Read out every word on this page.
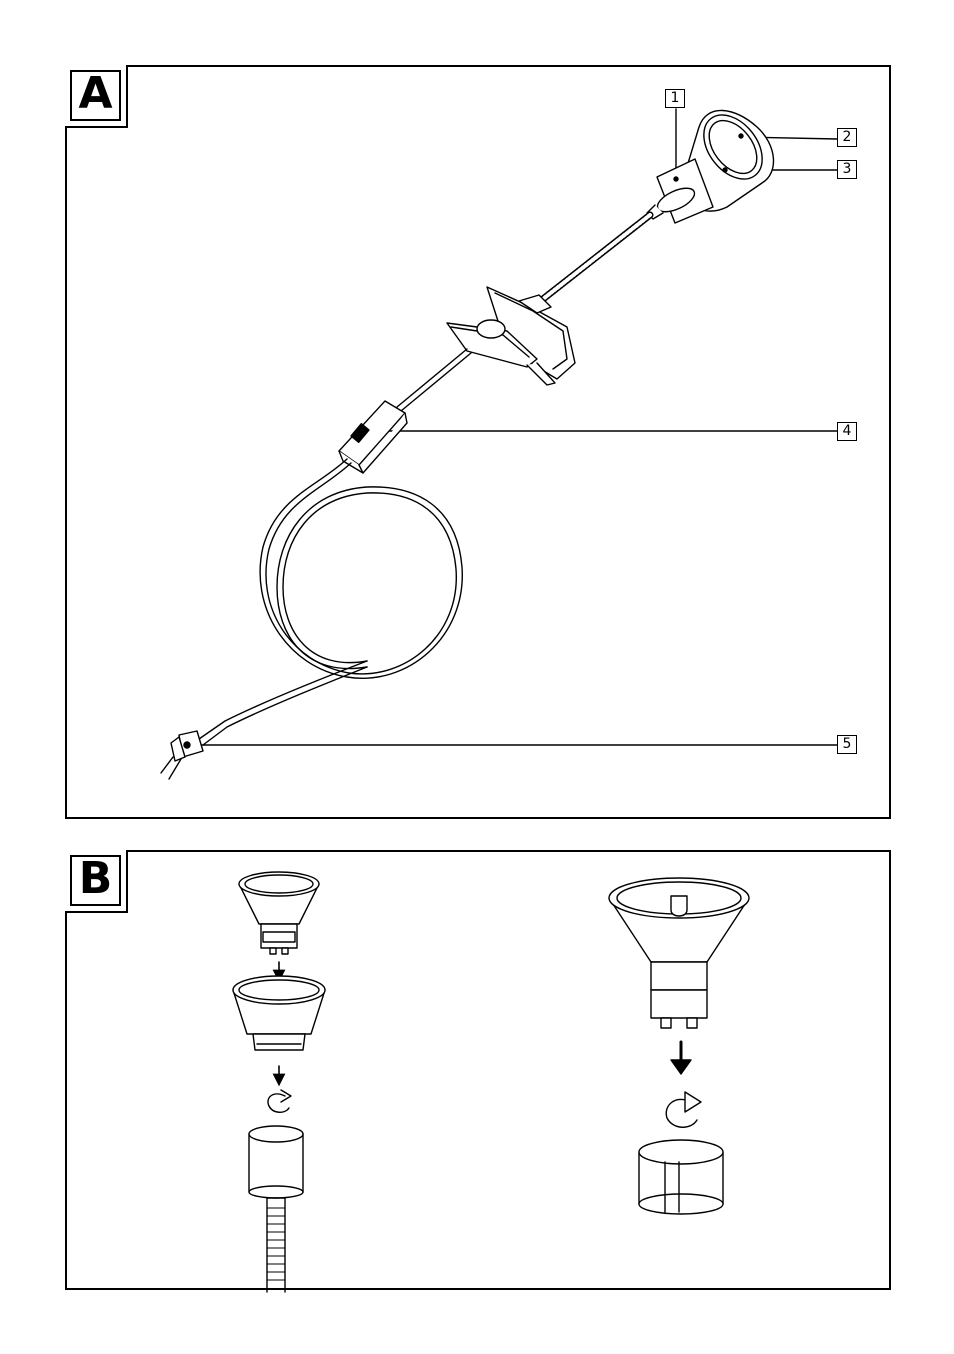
A	1
2
3
4
5
B
